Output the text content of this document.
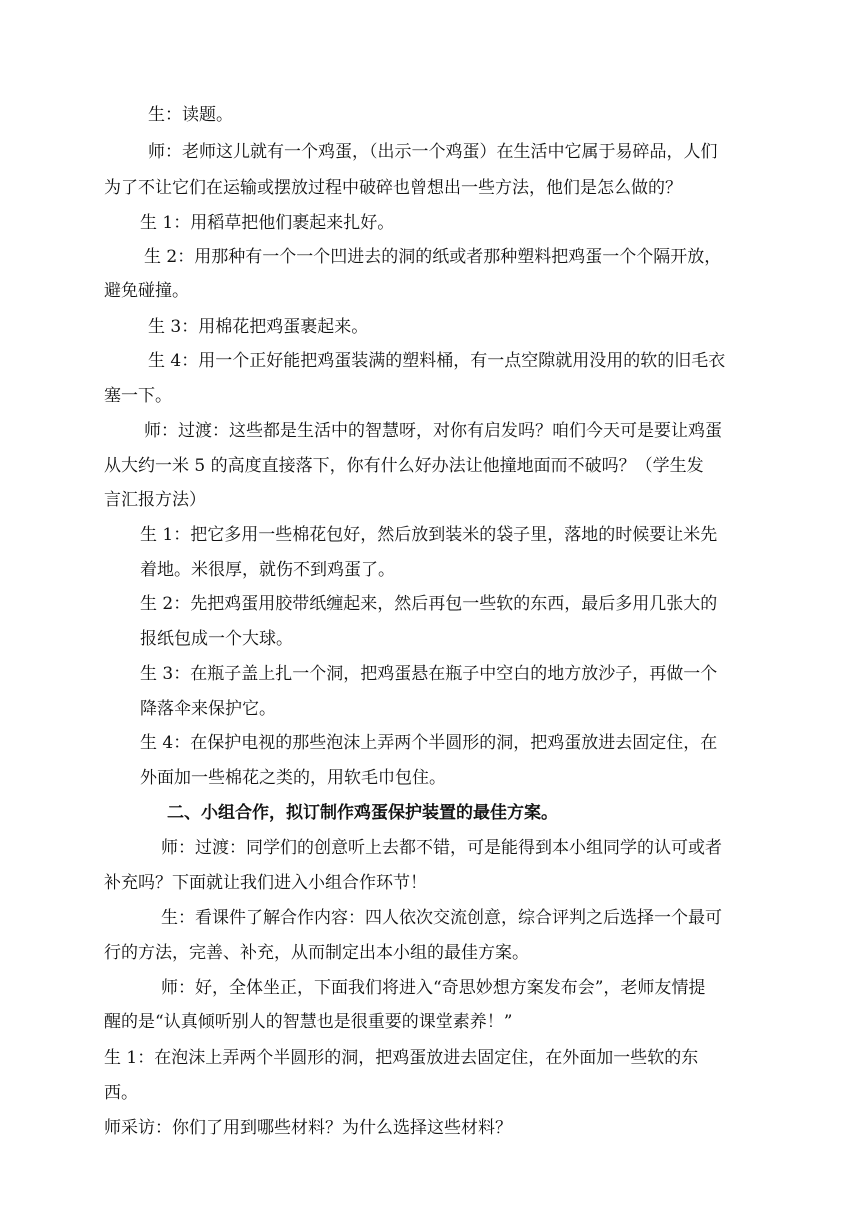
生：读题。
师：老师这儿就有一个鸡蛋，（出示一个鸡蛋）在生活中它属于易碎品，人们
为了不让它们在运输或摆放过程中破碎也曾想出一些方法，他们是怎么做的？
生 1：用稻草把他们裹起来扎好。
生 2：用那种有一个一个凹进去的洞的纸或者那种塑料把鸡蛋一个个隔开放，
避免碰撞。
生 3：用棉花把鸡蛋裹起来。
生 4：用一个正好能把鸡蛋装满的塑料桶，有一点空隙就用没用的软的旧毛衣
塞一下。
师：过渡：这些都是生活中的智慧呀，对你有启发吗？咱们今天可是要让鸡蛋
从大约一米 5 的高度直接落下，你有什么好办法让他撞地面而不破吗？（学生发
言汇报方法）
生 1：把它多用一些棉花包好，然后放到装米的袋子里，落地的时候要让米先
着地。米很厚，就伤不到鸡蛋了。
生 2：先把鸡蛋用胶带纸缠起来，然后再包一些软的东西，最后多用几张大的
报纸包成一个大球。
生 3：在瓶子盖上扎一个洞，把鸡蛋悬在瓶子中空白的地方放沙子，再做一个
降落伞来保护它。
生 4：在保护电视的那些泡沫上弄两个半圆形的洞，把鸡蛋放进去固定住，在
外面加一些棉花之类的，用软毛巾包住。
二、小组合作，拟订制作鸡蛋保护装置的最佳方案。
师：过渡：同学们的创意听上去都不错，可是能得到本小组同学的认可或者
补充吗？下面就让我们进入小组合作环节！
生：看课件了解合作内容：四人依次交流创意，综合评判之后选择一个最可
行的方法，完善、补充，从而制定出本小组的最佳方案。
师：好，全体坐正，下面我们将进入“奇思妙想方案发布会”，老师友情提
醒的是“认真倾听别人的智慧也是很重要的课堂素养！”
生 1：在泡沫上弄两个半圆形的洞，把鸡蛋放进去固定住，在外面加一些软的东
西。
师采访：你们了用到哪些材料？为什么选择这些材料？
